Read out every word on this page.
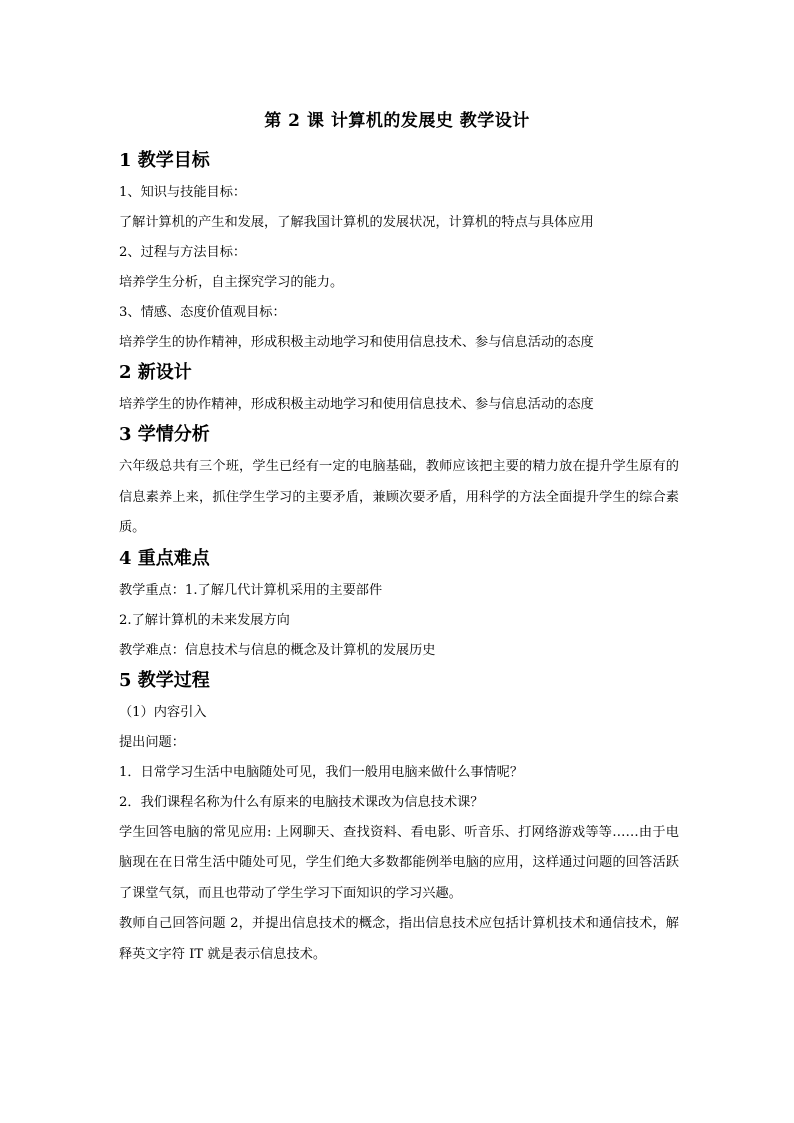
第 2 课 计算机的发展史 教学设计
1 教学目标
1、知识与技能目标：
了解计算机的产生和发展，了解我国计算机的发展状况，计算机的特点与具体应用
2、过程与方法目标：
培养学生分析，自主探究学习的能力。
3、情感、态度价值观目标：
培养学生的协作精神，形成积极主动地学习和使用信息技术、参与信息活动的态度
2 新设计
培养学生的协作精神，形成积极主动地学习和使用信息技术、参与信息活动的态度
3 学情分析
六年级总共有三个班，学生已经有一定的电脑基础，教师应该把主要的精力放在提升学生原有的信息素养上来，抓住学生学习的主要矛盾，兼顾次要矛盾，用科学的方法全面提升学生的综合素质。
4 重点难点
教学重点：1.了解几代计算机采用的主要部件
2.了解计算机的未来发展方向
教学难点：信息技术与信息的概念及计算机的发展历史
5 教学过程
（1）内容引入
提出问题：
1．日常学习生活中电脑随处可见，我们一般用电脑来做什么事情呢？
2．我们课程名称为什么有原来的电脑技术课改为信息技术课？
学生回答电脑的常见应用: 上网聊天、查找资料、看电影、听音乐、打网络游戏等等……由于电脑现在在日常生活中随处可见，学生们绝大多数都能例举电脑的应用，这样通过问题的回答活跃了课堂气氛，而且也带动了学生学习下面知识的学习兴趣。
教师自己回答问题 2，并提出信息技术的概念，指出信息技术应包括计算机技术和通信技术，解释英文字符 IT 就是表示信息技术。
